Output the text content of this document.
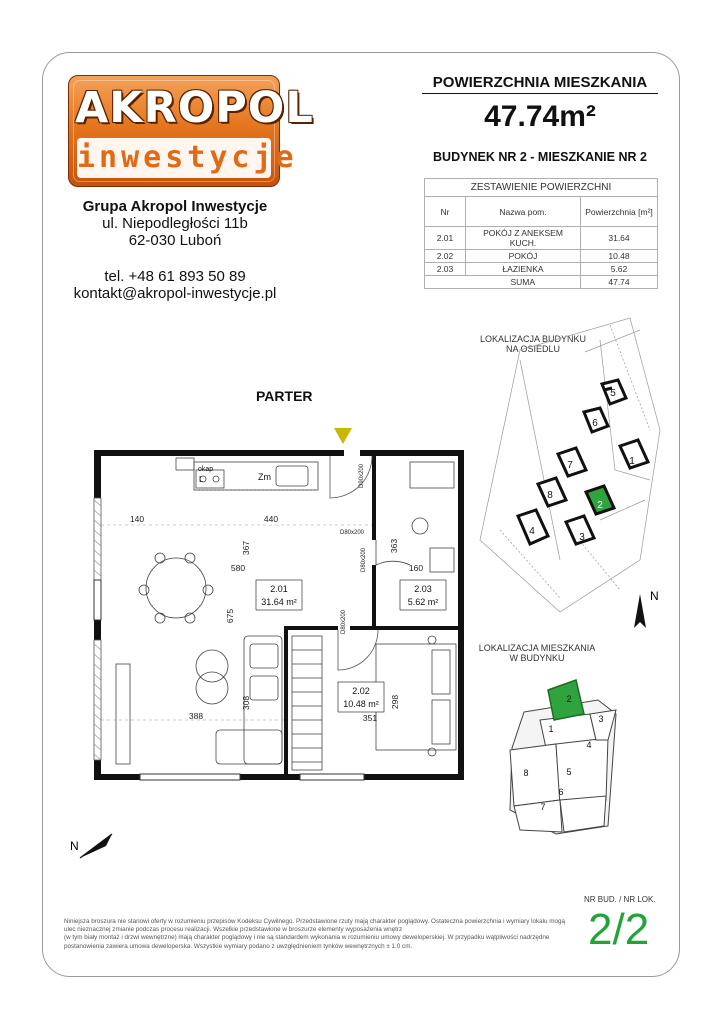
AKROPOL
inwestycje
Grupa Akropol Inwestycje
ul. Niepodległości 11b
62-030 Luboń
tel. +48 61 893 50 89
kontakt@akropol-inwestycje.pl
POWIERZCHNIA MIESZKANIA
47.74m²
BUDYNEK NR 2 - MIESZKANIE NR 2
ZESTAWIENIE POWIERZCHNI		
Nr	Nazwa pom.	Powierzchnia [m²]
2.01	POKÓJ Z ANEKSEM KUCH.	31.64
2.02	POKÓJ	10.48
2.03	ŁAZIENKA	5.62
	SUMA	47.74
LOKALIZACJA BUDYNKU
NA OSIEDLU
LOKALIZACJA MIESZKANIA
W BUDYNKU
PARTER
1
2
3
4
5
6
7
8
N
1
2
3
4
5
6
7
8
okap
L	Zm
140	440
367
580
675
388
308
351
298
363
160
D80x200
D80x200
D80x200
D90x200
2.01
31.64 m²
2.02
10.48 m²
2.03
5.62 m²
N
NR BUD. / NR LOK.
2/2
Niniejsza broszura nie stanowi oferty w rozumieniu przepisów Kodeksu Cywilnego. Przedstawione rzuty mają charakter poglądowy. Ostateczna powierzchnia i wymiary lokalu mogą
ulec nieznacznej zmianie podczas procesu realizacji. Wszelkie przedstawione w broszurze elementy wyposażenia wnętrz
(w tym biały montaż i drzwi wewnętrzne) mają charakter poglądowy i nie są standardem wykonania w rozumieniu umowy deweloperskiej. W przypadku wątpliwości nadrzędne
postanowienia zawiera umowa deweloperska. Wszystkie wymiary podano z uwzględnieniem tynków wewnętrznych ± 1.0 cm.
